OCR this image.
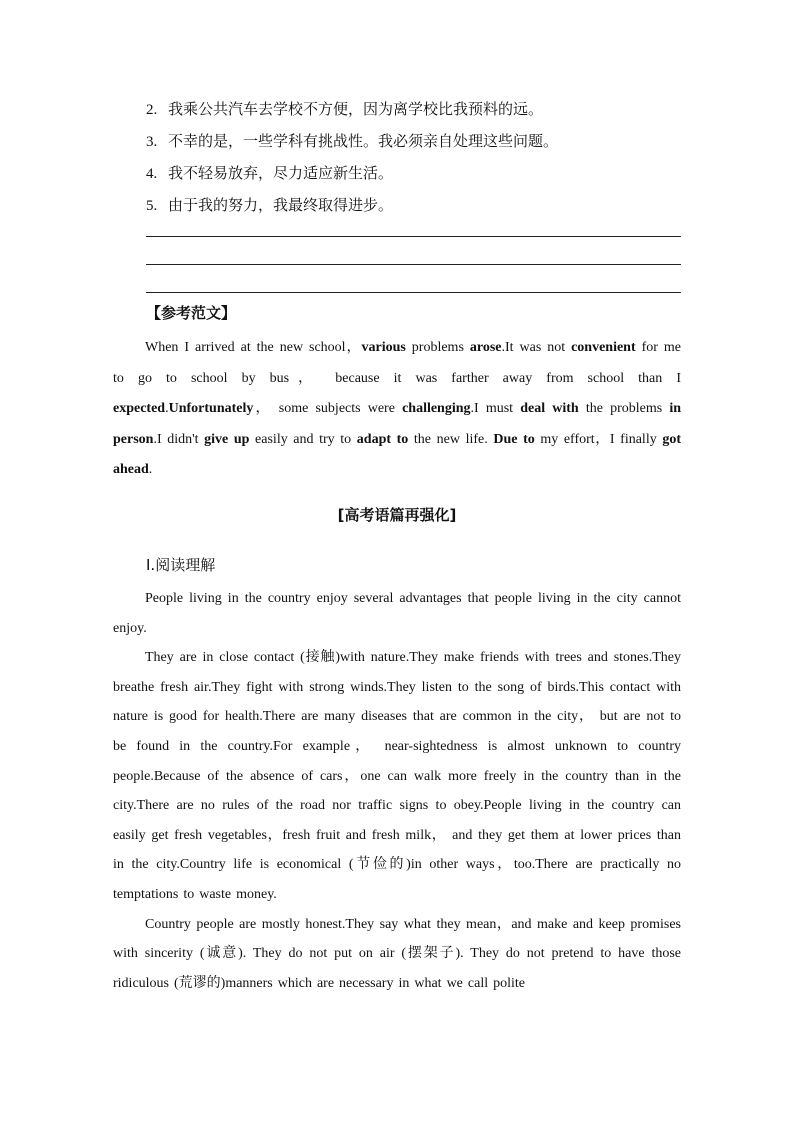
2. 我乘公共汽车去学校不方便，因为离学校比我预料的远。
3. 不幸的是，一些学科有挑战性。我必须亲自处理这些问题。
4. 我不轻易放弃，尽力适应新生活。
5. 由于我的努力，我最终取得进步。
【参考范文】

When I arrived at the new school，various problems arose.It was not convenient for me to go to school by bus， because it was farther away from school than I expected.Unfortunately， some subjects were challenging.I must deal with the problems in person.I didn't give up easily and try to adapt to the new life. Due to my effort，I finally got ahead.

[高考语篇再强化]
Ⅰ.阅读理解

People living in the country enjoy several advantages that people living in the city cannot enjoy.

They are in close contact (接触)with nature.They make friends with trees and stones.They breathe fresh air.They fight with strong winds.They listen to the song of birds.This contact with nature is good for health.There are many diseases that are common in the city， but are not to be found in the country.For example， near-sightedness is almost unknown to country people.Because of the absence of cars，one can walk more freely in the country than in the city.There are no rules of the road nor traffic signs to obey.People living in the country can easily get fresh vegetables，fresh fruit and fresh milk， and they get them at lower prices than in the city.Country life is economical (节俭的)in other ways，too.There are practically no temptations to waste money.

Country people are mostly honest.They say what they mean，and make and keep promises with sincerity (诚意). They do not put on air (摆架子). They do not pretend to have those ridiculous (荒谬的)manners which are necessary in what we call polite
